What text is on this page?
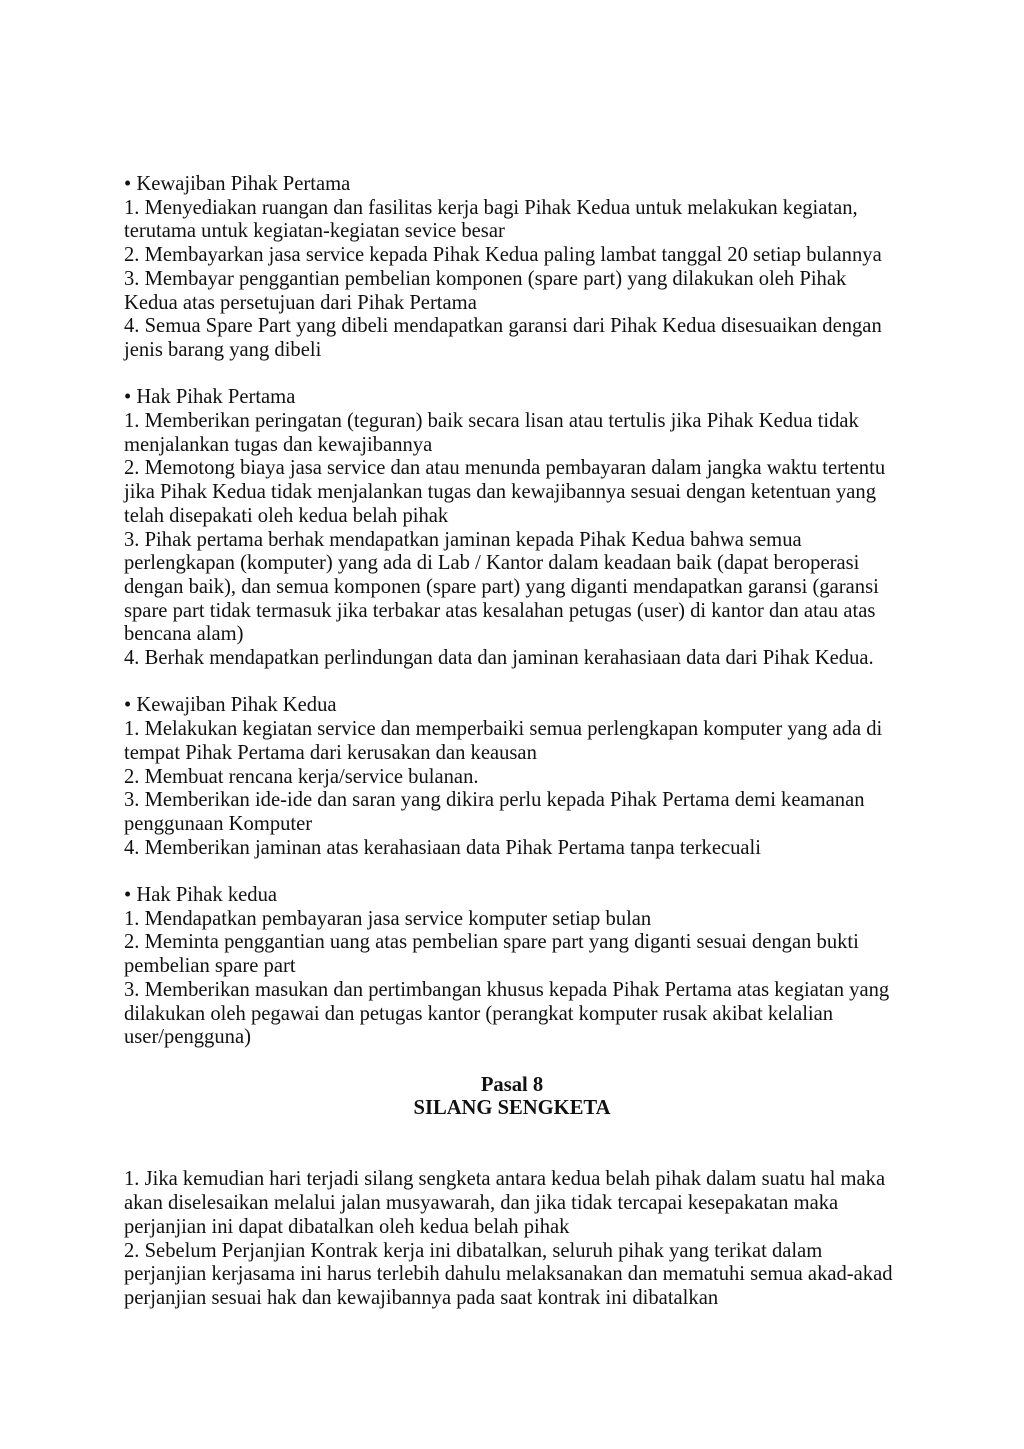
• Kewajiban Pihak Pertama
1. Menyediakan ruangan dan fasilitas kerja bagi Pihak Kedua untuk melakukan kegiatan,
terutama untuk kegiatan-kegiatan sevice besar
2. Membayarkan jasa service kepada Pihak Kedua paling lambat tanggal 20 setiap bulannya
3. Membayar penggantian pembelian komponen (spare part) yang dilakukan oleh Pihak
Kedua atas persetujuan dari Pihak Pertama
4. Semua Spare Part yang dibeli mendapatkan garansi dari Pihak Kedua disesuaikan dengan
jenis barang yang dibeli
• Hak Pihak Pertama
1. Memberikan peringatan (teguran) baik secara lisan atau tertulis jika Pihak Kedua tidak
menjalankan tugas dan kewajibannya
2. Memotong biaya jasa service dan atau menunda pembayaran dalam jangka waktu tertentu
jika Pihak Kedua tidak menjalankan tugas dan kewajibannya sesuai dengan ketentuan yang
telah disepakati oleh kedua belah pihak
3. Pihak pertama berhak mendapatkan jaminan kepada Pihak Kedua bahwa semua
perlengkapan (komputer) yang ada di Lab / Kantor dalam keadaan baik (dapat beroperasi
dengan baik), dan semua komponen (spare part) yang diganti mendapatkan garansi (garansi
spare part tidak termasuk jika terbakar atas kesalahan petugas (user) di kantor dan atau atas
bencana alam)
4. Berhak mendapatkan perlindungan data dan jaminan kerahasiaan data dari Pihak Kedua.
• Kewajiban Pihak Kedua
1. Melakukan kegiatan service dan memperbaiki semua perlengkapan komputer yang ada di
tempat Pihak Pertama dari kerusakan dan keausan
2. Membuat rencana kerja/service bulanan.
3. Memberikan ide-ide dan saran yang dikira perlu kepada Pihak Pertama demi keamanan
penggunaan Komputer
4. Memberikan jaminan atas kerahasiaan data Pihak Pertama tanpa terkecuali
• Hak Pihak kedua
1. Mendapatkan pembayaran jasa service komputer setiap bulan
2. Meminta penggantian uang atas pembelian spare part yang diganti sesuai dengan bukti
pembelian spare part
3. Memberikan masukan dan pertimbangan khusus kepada Pihak Pertama atas kegiatan yang
dilakukan oleh pegawai dan petugas kantor (perangkat komputer rusak akibat kelalian
user/pengguna)
Pasal 8
SILANG SENGKETA
1. Jika kemudian hari terjadi silang sengketa antara kedua belah pihak dalam suatu hal maka
akan diselesaikan melalui jalan musyawarah, dan jika tidak tercapai kesepakatan maka
perjanjian ini dapat dibatalkan oleh kedua belah pihak
2. Sebelum Perjanjian Kontrak kerja ini dibatalkan, seluruh pihak yang terikat dalam
perjanjian kerjasama ini harus terlebih dahulu melaksanakan dan mematuhi semua akad-akad
perjanjian sesuai hak dan kewajibannya pada saat kontrak ini dibatalkan
